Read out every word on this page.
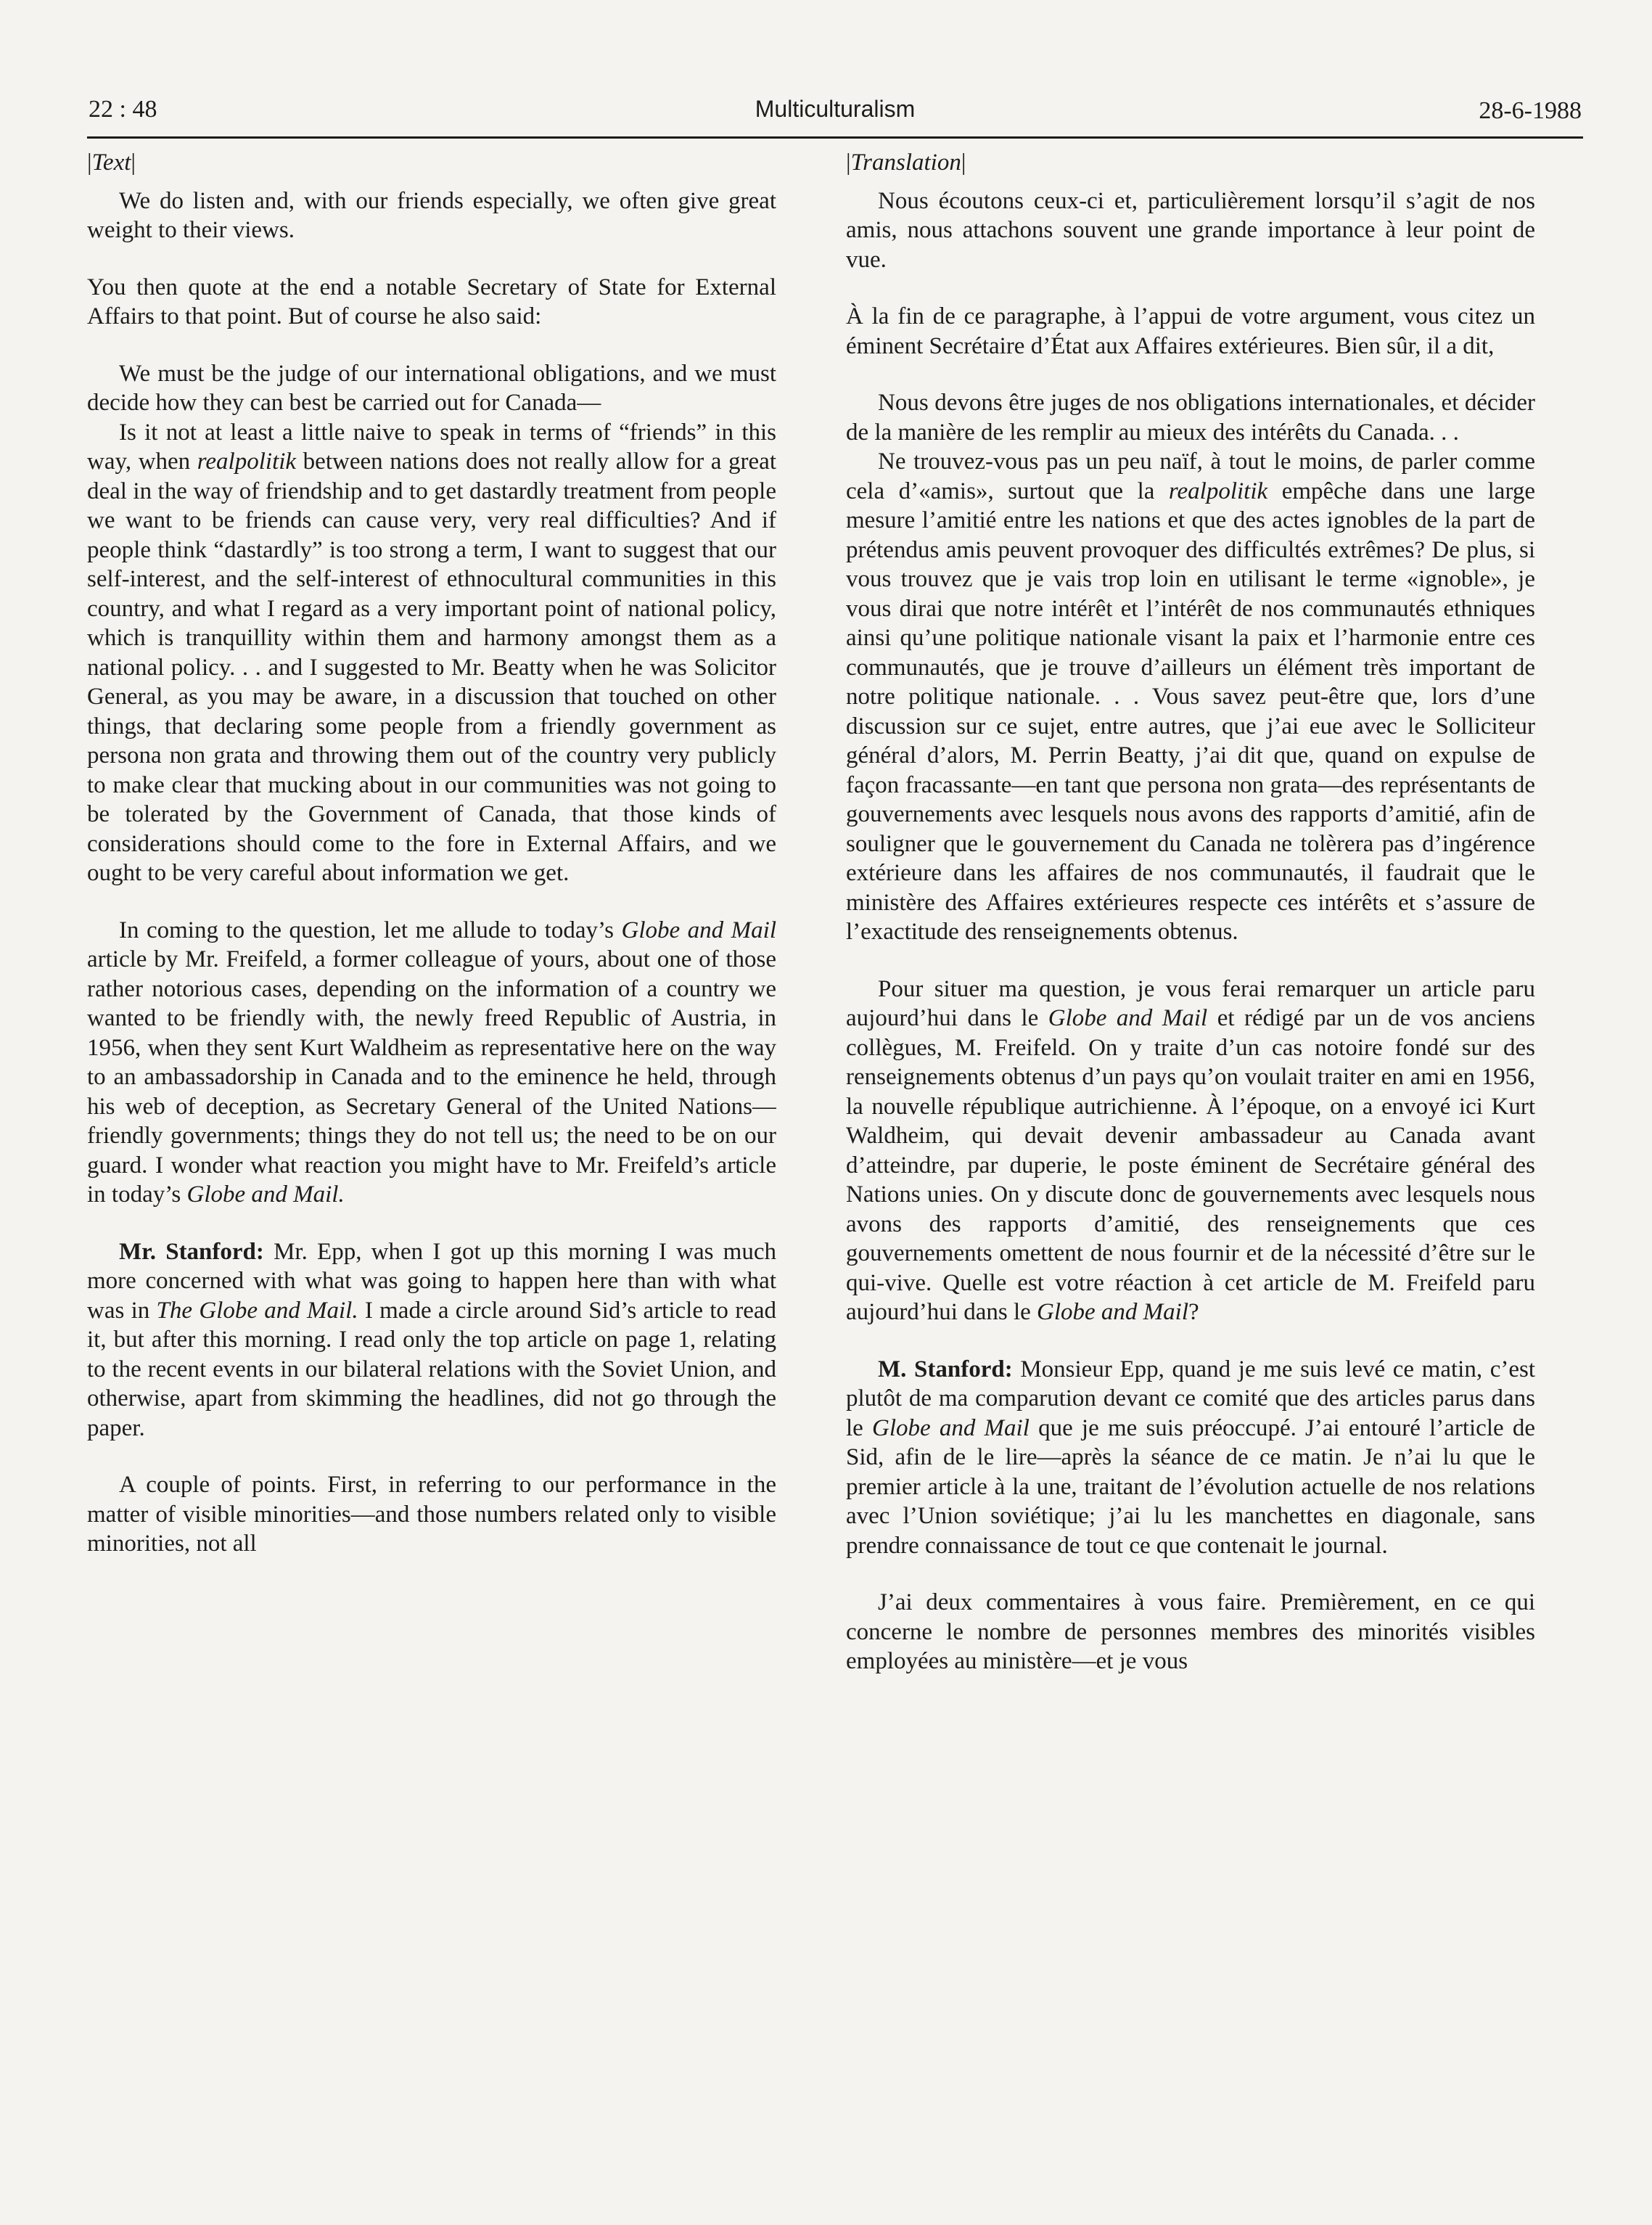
22 : 48	Multiculturalism	28-6-1988

|Text|

We do listen and, with our friends especially, we often give great weight to their views.

You then quote at the end a notable Secretary of State for External Affairs to that point. But of course he also said:

We must be the judge of our international obligations, and we must decide how they can best be carried out for Canada—

Is it not at least a little naive to speak in terms of “friends” in this way, when realpolitik between nations does not really allow for a great deal in the way of friendship and to get dastardly treatment from people we want to be friends can cause very, very real difficulties? And if people think “dastardly” is too strong a term, I want to suggest that our self-interest, and the self-interest of ethnocultural communities in this country, and what I regard as a very important point of national policy, which is tranquillity within them and harmony amongst them as a national policy. . . and I suggested to Mr. Beatty when he was Solicitor General, as you may be aware, in a discussion that touched on other things, that declaring some people from a friendly government as persona non grata and throwing them out of the country very publicly to make clear that mucking about in our communities was not going to be tolerated by the Government of Canada, that those kinds of considerations should come to the fore in External Affairs, and we ought to be very careful about information we get.

In coming to the question, let me allude to today’s Globe and Mail article by Mr. Freifeld, a former colleague of yours, about one of those rather notorious cases, depending on the information of a country we wanted to be friendly with, the newly freed Republic of Austria, in 1956, when they sent Kurt Waldheim as representative here on the way to an ambassadorship in Canada and to the eminence he held, through his web of deception, as Secretary General of the United Nations—friendly governments; things they do not tell us; the need to be on our guard. I wonder what reaction you might have to Mr. Freifeld’s article in today’s Globe and Mail.

Mr. Stanford: Mr. Epp, when I got up this morning I was much more concerned with what was going to happen here than with what was in The Globe and Mail. I made a circle around Sid’s article to read it, but after this morning. I read only the top article on page 1, relating to the recent events in our bilateral relations with the Soviet Union, and otherwise, apart from skimming the headlines, did not go through the paper.

A couple of points. First, in referring to our performance in the matter of visible minorities—and those numbers related only to visible minorities, not all

|Translation|

Nous écoutons ceux-ci et, particulièrement lorsqu’il s’agit de nos amis, nous attachons souvent une grande importance à leur point de vue.

À la fin de ce paragraphe, à l’appui de votre argument, vous citez un éminent Secrétaire d’État aux Affaires extérieures. Bien sûr, il a dit,

Nous devons être juges de nos obligations internationales, et décider de la manière de les remplir au mieux des intérêts du Canada. . .

Ne trouvez-vous pas un peu naïf, à tout le moins, de parler comme cela d’«amis», surtout que la realpolitik empêche dans une large mesure l’amitié entre les nations et que des actes ignobles de la part de prétendus amis peuvent provoquer des difficultés extrêmes? De plus, si vous trouvez que je vais trop loin en utilisant le terme «ignoble», je vous dirai que notre intérêt et l’intérêt de nos communautés ethniques ainsi qu’une politique nationale visant la paix et l’harmonie entre ces communautés, que je trouve d’ailleurs un élément très important de notre politique nationale. . . Vous savez peut-être que, lors d’une discussion sur ce sujet, entre autres, que j’ai eue avec le Solliciteur général d’alors, M. Perrin Beatty, j’ai dit que, quand on expulse de façon fracassante—en tant que persona non grata—des représentants de gouvernements avec lesquels nous avons des rapports d’amitié, afin de souligner que le gouvernement du Canada ne tolèrera pas d’ingérence extérieure dans les affaires de nos communautés, il faudrait que le ministère des Affaires extérieures respecte ces intérêts et s’assure de l’exactitude des renseignements obtenus.

Pour situer ma question, je vous ferai remarquer un article paru aujourd’hui dans le Globe and Mail et rédigé par un de vos anciens collègues, M. Freifeld. On y traite d’un cas notoire fondé sur des renseignements obtenus d’un pays qu’on voulait traiter en ami en 1956, la nouvelle république autrichienne. À l’époque, on a envoyé ici Kurt Waldheim, qui devait devenir ambassadeur au Canada avant d’atteindre, par duperie, le poste éminent de Secrétaire général des Nations unies. On y discute donc de gouvernements avec lesquels nous avons des rapports d’amitié, des renseignements que ces gouvernements omettent de nous fournir et de la nécessité d’être sur le qui-vive. Quelle est votre réaction à cet article de M. Freifeld paru aujourd’hui dans le Globe and Mail?

M. Stanford: Monsieur Epp, quand je me suis levé ce matin, c’est plutôt de ma comparution devant ce comité que des articles parus dans le Globe and Mail que je me suis préoccupé. J’ai entouré l’article de Sid, afin de le lire—après la séance de ce matin. Je n’ai lu que le premier article à la une, traitant de l’évolution actuelle de nos relations avec l’Union soviétique; j’ai lu les manchettes en diagonale, sans prendre connaissance de tout ce que contenait le journal.

J’ai deux commentaires à vous faire. Premièrement, en ce qui concerne le nombre de personnes membres des minorités visibles employées au ministère—et je vous
